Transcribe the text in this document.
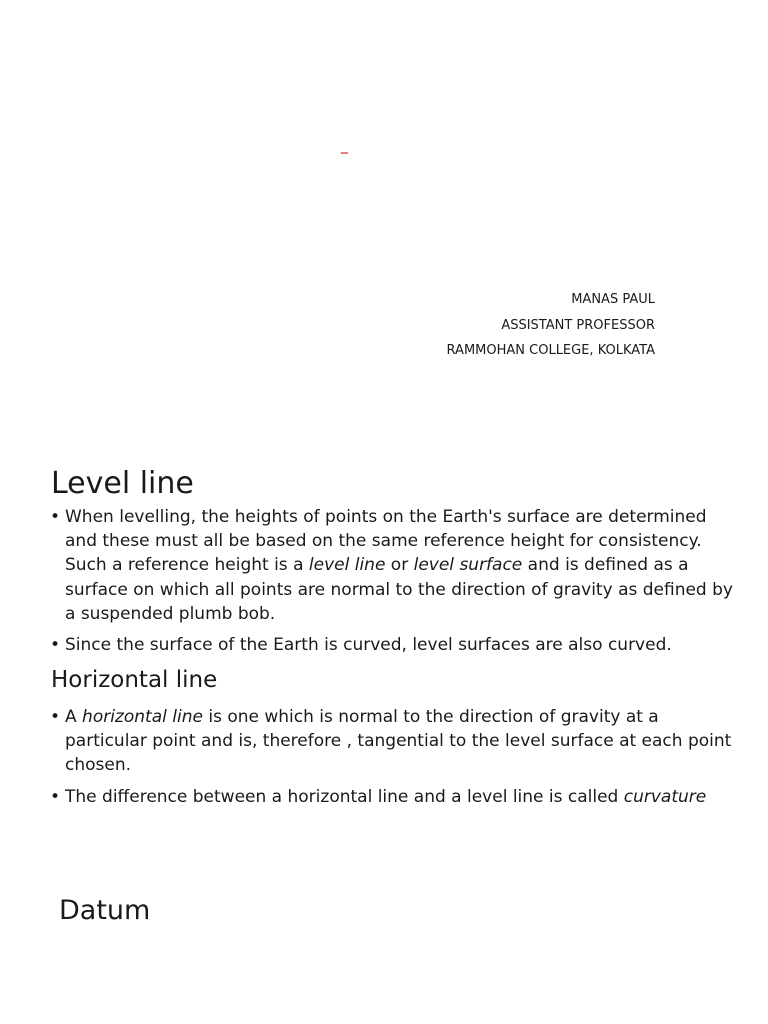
_
MANAS PAUL
ASSISTANT PROFESSOR
RAMMOHAN COLLEGE, KOLKATA
Level line
• When levelling, the heights of points on the Earth's surface are determined and these must all be based on the same reference height for consistency. Such a reference height is a level line or level surface and is defined as a surface on which all points are normal to the direction of gravity as defined by a suspended plumb bob.
• Since the surface of the Earth is curved, level surfaces are also curved.
Horizontal line
• A horizontal line is one which is normal to the direction of gravity at a particular point and is, therefore , tangential to the level surface at each point chosen.
• The difference between a horizontal line and a level line is called curvature
Datum
